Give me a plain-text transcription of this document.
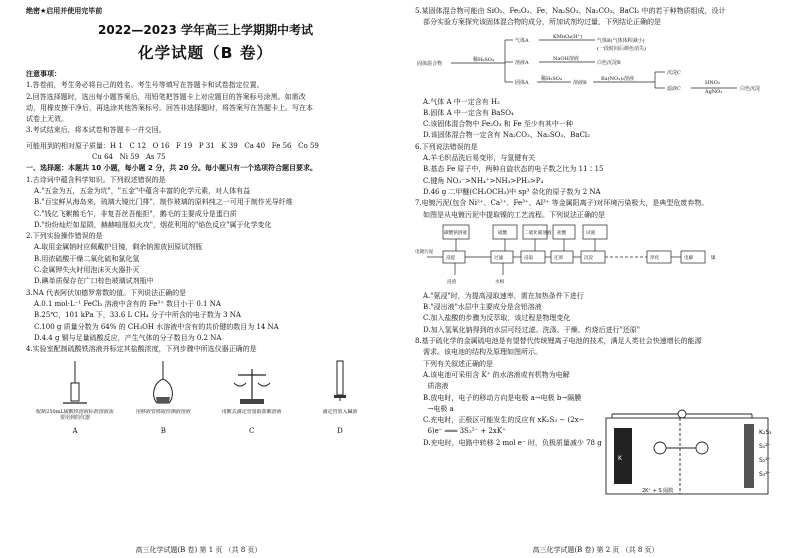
绝密★启用并使用完毕前
2022—2023 学年高三上学期期中考试
化学试题（B 卷）

注意事项：

1.答卷前，考生务必将自己的姓名、考生号等填写在答题卡和试卷指定位置。

2.回答选择题时，选出每小题答案后，用铅笔把答题卡上对应题目的答案标号涂黑。如需改

动，用橡皮擦干净后，再选涂其他答案标号。回答非选择题时，将答案写在答题卡上。写在本

试卷上无效。

3.考试结束后，将本试卷和答题卡一并交回。

可能用到的相对原子质量：H 1   C 12   O 16   F 19   P 31   K 39   Ca 40   Fe 56   Co 59

Cu 64   Ni 59   As 75

一、选择题：本题共 10 小题，每小题 2 分，共 20 分。每小题只有一个选项符合题目要求。

1.古诗词中蕴含科学知识。下列叙述错误的是

A."五金为五，五金为坑"，"五金"中蕴含丰富的化学元素，对人体有益

B."百宝鲜从海岛来，琉璃大镜比门排"，制作玻璃的原料纯之一可用于制作光导纤维

C."钱亿飞絮鹅毛乍，非复吾丝吾能拒"，鹅毛的主要成分是蛋白质

D."纷纷灿烂如星陨，赫赫喧豗似火攻"，烟花利用的"焰色反应"属于化学变化

2.下列实验操作错误的是

A.取用金属钠时应佩戴护目镜，剩余钠需放回原试剂瓶

B.用浓硫酸干燥二氧化硫和氯化氢

C.金属钾失火时用泡沫灭火器扑灭

D.碘单质保存在广口棕色玻璃试剂瓶中

3.NA 代表阿伏加德罗常数的值。下列说法正确的是

A.0.1 mol·L⁻¹ FeCl₃ 溶液中含有的 Fe³⁺ 数目小于 0.1 NA

B.25℃，101 kPa 下，33.6 L CH₄ 分子中所含的电子数为 3 NA

C.100 g 质量分数为 64% 的 CH₃OH 水溶液中含有的共价键的数目为 14 NA

D.4.4 g 铜与足量硫酸反应，产生气体的分子数目为 0.2 NA

4.实验室配制硫酸铁溶液并标定其盐酸浓度，下列步骤中所选仪器正确的是

配制250mL硫酸铁溶液标准溶液需要用到的仪器
A
用移液管移取待测液溶液
B
用酸式滴定管量取盐酸溶液
C
滴定管放入碱液
D
高三化学试题(B 卷) 第 1 页 （共 8 页）

5.某固体混合物可能由 SiO₂、Fe₂O₃、Fe、Na₂SO₃、Na₂CO₃、BaCl₂ 中的若干种物质组成，设计

部分实验方案探究该固体混合物的成分，所加试剂均过量，下列结论正确的是

固体混合物
稀H₂SO₄
气体A
KMnO₄(H⁺)
气体B(气体体积减小)
(一段时间后颜色消失)
溶液A
NaOH溶液
白色沉淀B
固体A
稀H₂SO₄
溶液B
Ba(NO₃)₂溶液
沉淀C
滤液C
HNO₃
AgNO₃	白色沉淀

A.气体 A 中一定含有 H₂

B.固体 A 中一定含有 BaSO₄

C.该固体混合物中 Fe₂O₃ 和 Fe 至少有其中一种

D.该固体混合物一定含有 Na₂CO₃、Na₂SO₃、BaCl₂

6.下列说法错误的是

A.羊毛织品洗后易变形，与氢键有关

B.基态 Fe 原子中，两种自旋状态的电子数之比为 11∶15

C.键角 NO₃⁻>NH₄⁺>NH₃>PH₃>P₄

D.46 g 二甲醚(CH₃OCH₃)中 sp³ 杂化的原子数为 2 NA

7.电镀污泥(包含 Ni²⁺、Ca²⁺、Fe³⁺、Al³⁺ 等金属阳离子)对环境污染极大，是典型危废弃物。

如图是从电镀污泥中提取镍的工艺流程。下列说法正确的是

碳酸钠溶液	硫酸	二硫化碳溶液 盐酸	试液
浸提	过滤	浸取	还原	沉淀	净化	电解	镍
电镀污泥
浸渣	水相

A."氨浸"时，为提高浸取速率，需在加热条件下进行

B."浸出液"水层中主要成分是含铝溶液

C.加入盐酸的步骤为反萃取，该过程是物理变化

D.加入氢氧化钠得到的水层可经过滤、洗涤、干燥、灼烧后进行"还原"

8.基于硫化学的金属硫电池是有望替代传统锂离子电池的技术，满足人类社会快速增长的能源

需求。该电池的结构及原理如图所示。

下列有关叙述正确的是

A.该电池可采用含 K⁺ 的水溶液或有机物为电解

质溶液

B.放电时，电子的移动方向是电极 a→电极 b→隔膜

→电极 a

C.充电时，正极区可能发生的反应有 xK₂S₃ − (2x−

6)e⁻ ═══ 3S₃²⁻ + 2xK⁺

D.充电时，电路中转移 2 mol e⁻ 时，负极质量减少 78 g

高三化学试题(B 卷) 第 2 页 （共 8 页）
K
2K⁺ + S 隔膜
K₂S₃
S₁²⁻
S₂²⁻
S₃²⁻
